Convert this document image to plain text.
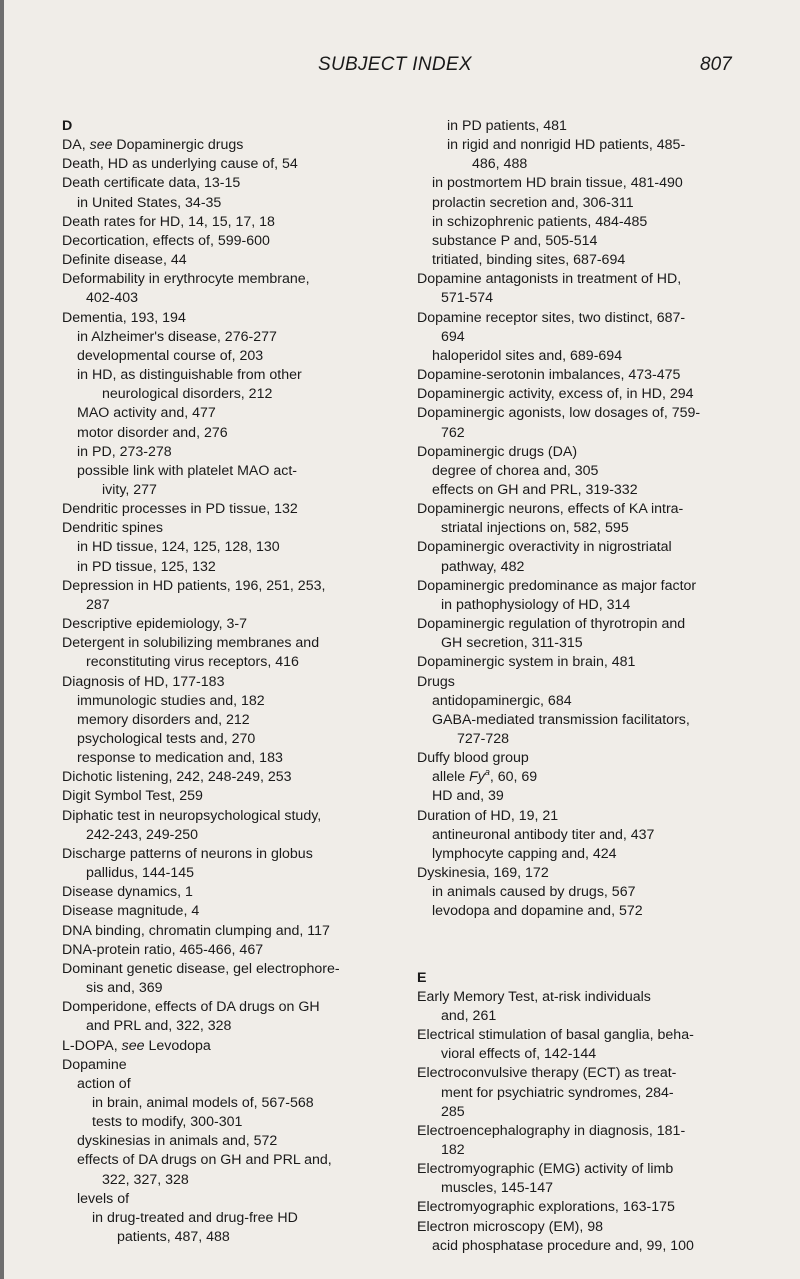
SUBJECT INDEX	807
D
DA, see Dopaminergic drugs
Death, HD as underlying cause of, 54
Death certificate data, 13-15
in United States, 34-35
Death rates for HD, 14, 15, 17, 18
Decortication, effects of, 599-600
Definite disease, 44
Deformability in erythrocyte membrane,
402-403
Dementia, 193, 194
in Alzheimer's disease, 276-277
developmental course of, 203
in HD, as distinguishable from other
neurological disorders, 212
MAO activity and, 477
motor disorder and, 276
in PD, 273-278
possible link with platelet MAO act-
ivity, 277
Dendritic processes in PD tissue, 132
Dendritic spines
in HD tissue, 124, 125, 128, 130
in PD tissue, 125, 132
Depression in HD patients, 196, 251, 253,
287
Descriptive epidemiology, 3-7
Detergent in solubilizing membranes and
reconstituting virus receptors, 416
Diagnosis of HD, 177-183
immunologic studies and, 182
memory disorders and, 212
psychological tests and, 270
response to medication and, 183
Dichotic listening, 242, 248-249, 253
Digit Symbol Test, 259
Diphatic test in neuropsychological study,
242-243, 249-250
Discharge patterns of neurons in globus
pallidus, 144-145
Disease dynamics, 1
Disease magnitude, 4
DNA binding, chromatin clumping and, 117
DNA-protein ratio, 465-466, 467
Dominant genetic disease, gel electrophore-
sis and, 369
Domperidone, effects of DA drugs on GH
and PRL and, 322, 328
L-DOPA, see Levodopa
Dopamine
action of
in brain, animal models of, 567-568
tests to modify, 300-301
dyskinesias in animals and, 572
effects of DA drugs on GH and PRL and,
322, 327, 328
levels of
in drug-treated and drug-free HD
patients, 487, 488
in PD patients, 481
in rigid and nonrigid HD patients, 485-
486, 488
in postmortem HD brain tissue, 481-490
prolactin secretion and, 306-311
in schizophrenic patients, 484-485
substance P and, 505-514
tritiated, binding sites, 687-694
Dopamine antagonists in treatment of HD,
571-574
Dopamine receptor sites, two distinct, 687-
694
haloperidol sites and, 689-694
Dopamine-serotonin imbalances, 473-475
Dopaminergic activity, excess of, in HD, 294
Dopaminergic agonists, low dosages of, 759-
762
Dopaminergic drugs (DA)
degree of chorea and, 305
effects on GH and PRL, 319-332
Dopaminergic neurons, effects of KA intra-
striatal injections on, 582, 595
Dopaminergic overactivity in nigrostriatal
pathway, 482
Dopaminergic predominance as major factor
in pathophysiology of HD, 314
Dopaminergic regulation of thyrotropin and
GH secretion, 311-315
Dopaminergic system in brain, 481
Drugs
antidopaminergic, 684
GABA-mediated transmission facilitators,
727-728
Duffy blood group
allele Fy$^a$, 60, 69
HD and, 39
Duration of HD, 19, 21
antineuronal antibody titer and, 437
lymphocyte capping and, 424
Dyskinesia, 169, 172
in animals caused by drugs, 567
levodopa and dopamine and, 572
E
Early Memory Test, at-risk individuals
and, 261
Electrical stimulation of basal ganglia, beha-
vioral effects of, 142-144
Electroconvulsive therapy (ECT) as treat-
ment for psychiatric syndromes, 284-
285
Electroencephalography in diagnosis, 181-
182
Electromyographic (EMG) activity of limb
muscles, 145-147
Electromyographic explorations, 163-175
Electron microscopy (EM), 98
acid phosphatase procedure and, 99, 100
